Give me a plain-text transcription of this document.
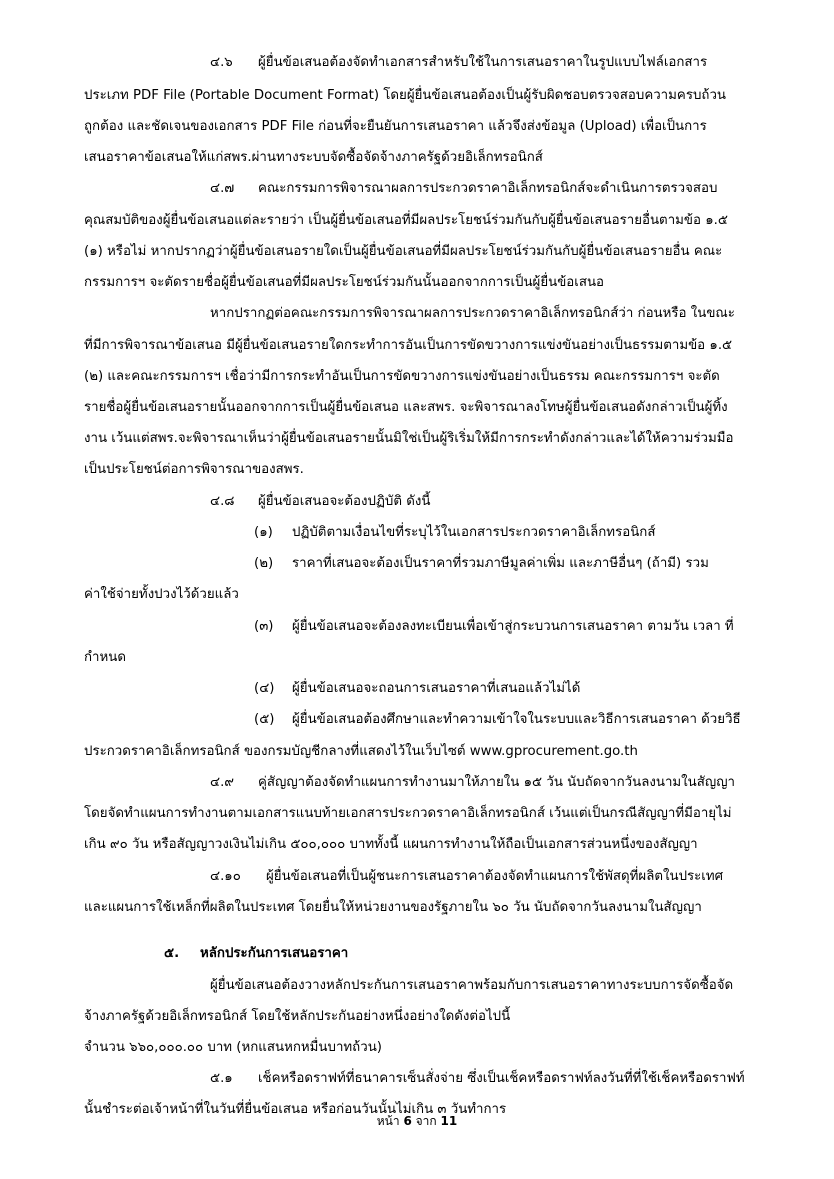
๔.๖ ผู้ยื่นข้อเสนอต้องจัดทำเอกสารสำหรับใช้ในการเสนอราคาในรูปแบบไฟล์เอกสาร
ประเภท PDF File (Portable Document Format) โดยผู้ยื่นข้อเสนอต้องเป็นผู้รับผิดชอบตรวจสอบความครบถ้วน
ถูกต้อง และชัดเจนของเอกสาร PDF File ก่อนที่จะยืนยันการเสนอราคา แล้วจึงส่งข้อมูล (Upload) เพื่อเป็นการ
เสนอราคาข้อเสนอให้แก่สพร.ผ่านทางระบบจัดซื้อจัดจ้างภาครัฐด้วยอิเล็กทรอนิกส์
๔.๗ คณะกรรมการพิจารณาผลการประกวดราคาอิเล็กทรอนิกส์จะดำเนินการตรวจสอบ
คุณสมบัติของผู้ยื่นข้อเสนอแต่ละรายว่า เป็นผู้ยื่นข้อเสนอที่มีผลประโยชน์ร่วมกันกับผู้ยื่นข้อเสนอรายอื่นตามข้อ ๑.๕
(๑) หรือไม่ หากปรากฏว่าผู้ยื่นข้อเสนอรายใดเป็นผู้ยื่นข้อเสนอที่มีผลประโยชน์ร่วมกันกับผู้ยื่นข้อเสนอรายอื่น คณะ
กรรมการฯ จะตัดรายชื่อผู้ยื่นข้อเสนอที่มีผลประโยชน์ร่วมกันนั้นออกจากการเป็นผู้ยื่นข้อเสนอ
หากปรากฏต่อคณะกรรมการพิจารณาผลการประกวดราคาอิเล็กทรอนิกส์ว่า ก่อนหรือ ในขณะ
ที่มีการพิจารณาข้อเสนอ มีผู้ยื่นข้อเสนอรายใดกระทำการอันเป็นการขัดขวางการแข่งขันอย่างเป็นธรรมตามข้อ ๑.๕
(๒) และคณะกรรมการฯ เชื่อว่ามีการกระทำอันเป็นการขัดขวางการแข่งขันอย่างเป็นธรรม คณะกรรมการฯ จะตัด
รายชื่อผู้ยื่นข้อเสนอรายนั้นออกจากการเป็นผู้ยื่นข้อเสนอ และสพร. จะพิจารณาลงโทษผู้ยื่นข้อเสนอดังกล่าวเป็นผู้ทิ้ง
งาน เว้นแต่สพร.จะพิจารณาเห็นว่าผู้ยื่นข้อเสนอรายนั้นมิใช่เป็นผู้ริเริ่มให้มีการกระทำดังกล่าวและได้ให้ความร่วมมือ
เป็นประโยชน์ต่อการพิจารณาของสพร.
๔.๘ ผู้ยื่นข้อเสนอจะต้องปฏิบัติ ดังนี้
(๑) ปฏิบัติตามเงื่อนไขที่ระบุไว้ในเอกสารประกวดราคาอิเล็กทรอนิกส์
(๒) ราคาที่เสนอจะต้องเป็นราคาที่รวมภาษีมูลค่าเพิ่ม และภาษีอื่นๆ (ถ้ามี) รวม
ค่าใช้จ่ายทั้งปวงไว้ด้วยแล้ว
(๓) ผู้ยื่นข้อเสนอจะต้องลงทะเบียนเพื่อเข้าสู่กระบวนการเสนอราคา ตามวัน เวลา ที่
กำหนด
(๔) ผู้ยื่นข้อเสนอจะถอนการเสนอราคาที่เสนอแล้วไม่ได้
(๕) ผู้ยื่นข้อเสนอต้องศึกษาและทำความเข้าใจในระบบและวิธีการเสนอราคา ด้วยวิธี
ประกวดราคาอิเล็กทรอนิกส์ ของกรมบัญชีกลางที่แสดงไว้ในเว็บไซต์ www.gprocurement.go.th
๔.๙ คู่สัญญาต้องจัดทำแผนการทำงานมาให้ภายใน ๑๕ วัน นับถัดจากวันลงนามในสัญญา
โดยจัดทำแผนการทำงานตามเอกสารแนบท้ายเอกสารประกวดราคาอิเล็กทรอนิกส์ เว้นแต่เป็นกรณีสัญญาที่มีอายุไม่
เกิน ๙๐ วัน หรือสัญญาวงเงินไม่เกิน ๕๐๐,๐๐๐ บาททั้งนี้ แผนการทำงานให้ถือเป็นเอกสารส่วนหนึ่งของสัญญา
๔.๑๐ ผู้ยื่นข้อเสนอที่เป็นผู้ชนะการเสนอราคาต้องจัดทำแผนการใช้พัสดุที่ผลิตในประเทศ
และแผนการใช้เหล็กที่ผลิตในประเทศ โดยยื่นให้หน่วยงานของรัฐภายใน ๖๐ วัน นับถัดจากวันลงนามในสัญญา
๕. หลักประกันการเสนอราคา
ผู้ยื่นข้อเสนอต้องวางหลักประกันการเสนอราคาพร้อมกับการเสนอราคาทางระบบการจัดซื้อจัด
จ้างภาครัฐด้วยอิเล็กทรอนิกส์ โดยใช้หลักประกันอย่างหนึ่งอย่างใดดังต่อไปนี้
จำนวน ๖๖๐,๐๐๐.๐๐ บาท (หกแสนหกหมื่นบาทถ้วน)
๕.๑ เช็คหรือดราฟท์ที่ธนาคารเซ็นสั่งจ่าย ซึ่งเป็นเช็คหรือดราฟท์ลงวันที่ที่ใช้เช็คหรือดราฟท์
นั้นชำระต่อเจ้าหน้าที่ในวันที่ยื่นข้อเสนอ หรือก่อนวันนั้นไม่เกิน ๓ วันทำการ
หน้า 6 จาก 11
